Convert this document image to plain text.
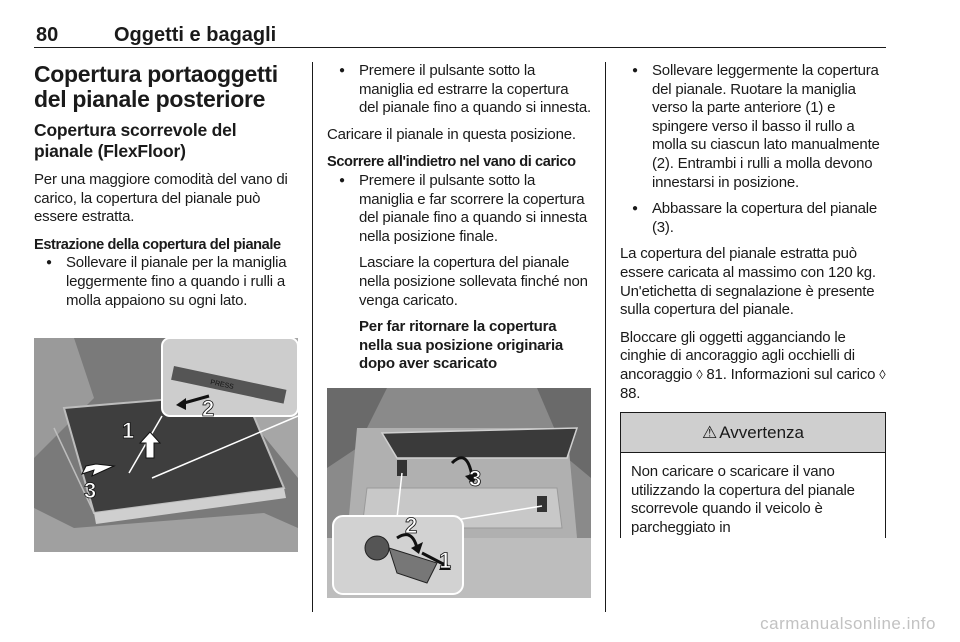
80	Oggetti e bagagli
Copertura portaoggetti del pianale posteriore
Copertura scorrevole del pianale (FlexFloor)
Per una maggiore comodità del vano di carico, la copertura del pianale può essere estratta.
Estrazione della copertura del pianale
● Sollevare il pianale per la maniglia leggermente fino a quando i rulli a molla appaiono su ogni lato.
PRESS
1
2
3
● Premere il pulsante sotto la maniglia ed estrarre la copertura del pianale fino a quando si innesta.
Caricare il pianale in questa posizione.
Scorrere all'indietro nel vano di carico
● Premere il pulsante sotto la maniglia e far scorrere la copertura del pianale fino a quando si innesta nella posizione finale.
Lasciare la copertura del pianale nella posizione sollevata finché non venga caricato.
Per far ritornare la copertura nella sua posizione originaria dopo aver scaricato
3
2
1
● Sollevare leggermente la copertura del pianale. Ruotare la maniglia verso la parte anteriore (1) e spingere verso il basso il rullo a molla su ciascun lato manualmente (2). Entrambi i rulli a molla devono innestarsi in posizione.
● Abbassare la copertura del pianale (3).
La copertura del pianale estratta può essere caricata al massimo con 120 kg. Un'etichetta di segnalazione è presente sulla copertura del pianale.
Bloccare gli oggetti agganciando le cinghie di ancoraggio agli occhielli di ancoraggio ◊ 81. Informazioni sul carico ◊ 88.
⚠ Avvertenza
Non caricare o scaricare il vano utilizzando la copertura del pianale scorrevole quando il veicolo è parcheggiato in
carmanualsonline.info
